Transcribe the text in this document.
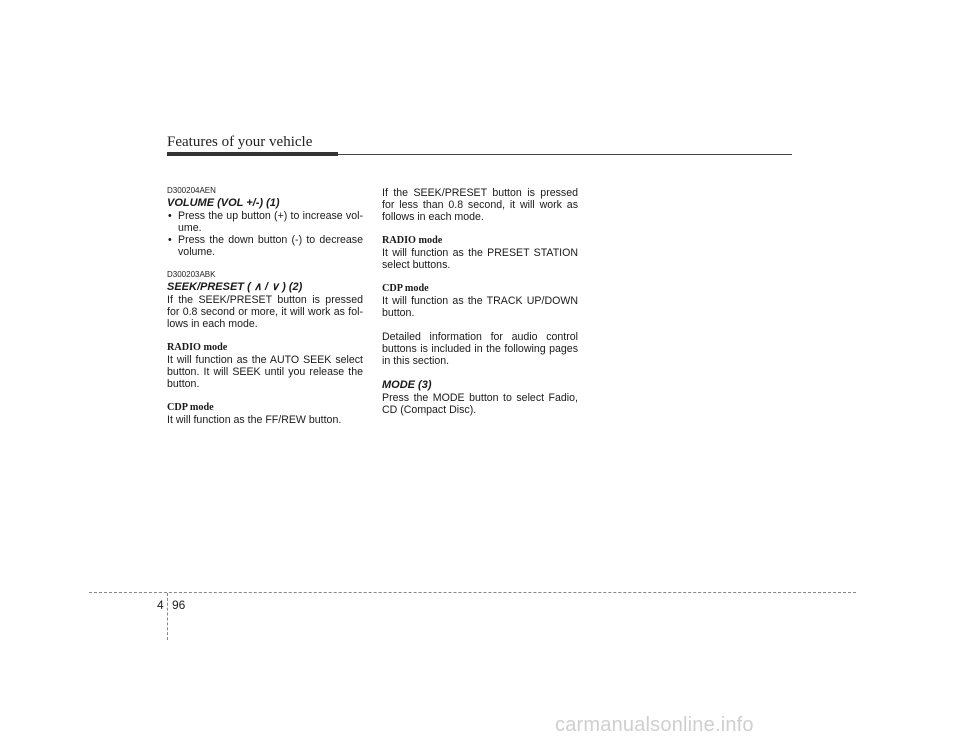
Features of your vehicle
D300204AEN
VOLUME (VOL +/-) (1)
• Press the up button (+) to increase vol-ume.
• Press the down button (-) to decrease volume.
D300203ABK
SEEK/PRESET ( ∧ / ∨ ) (2)

If the SEEK/PRESET button is pressed for 0.8 second or more, it will work as fol-lows in each mode.

RADIO mode

It will function as the AUTO SEEK select button. It will SEEK until you release the button.

CDP mode

It will function as the FF/REW button.

If the SEEK/PRESET button is pressed for less than 0.8 second, it will work as follows in each mode.

RADIO mode

It will function as the PRESET STATION select buttons.

CDP mode

It will function as the TRACK UP/DOWN button.

Detailed information for audio control buttons is included in the following pages in this section.

MODE (3)

Press the MODE button to select Fadio, CD (Compact Disc).

4 96
carmanualsonline.info
